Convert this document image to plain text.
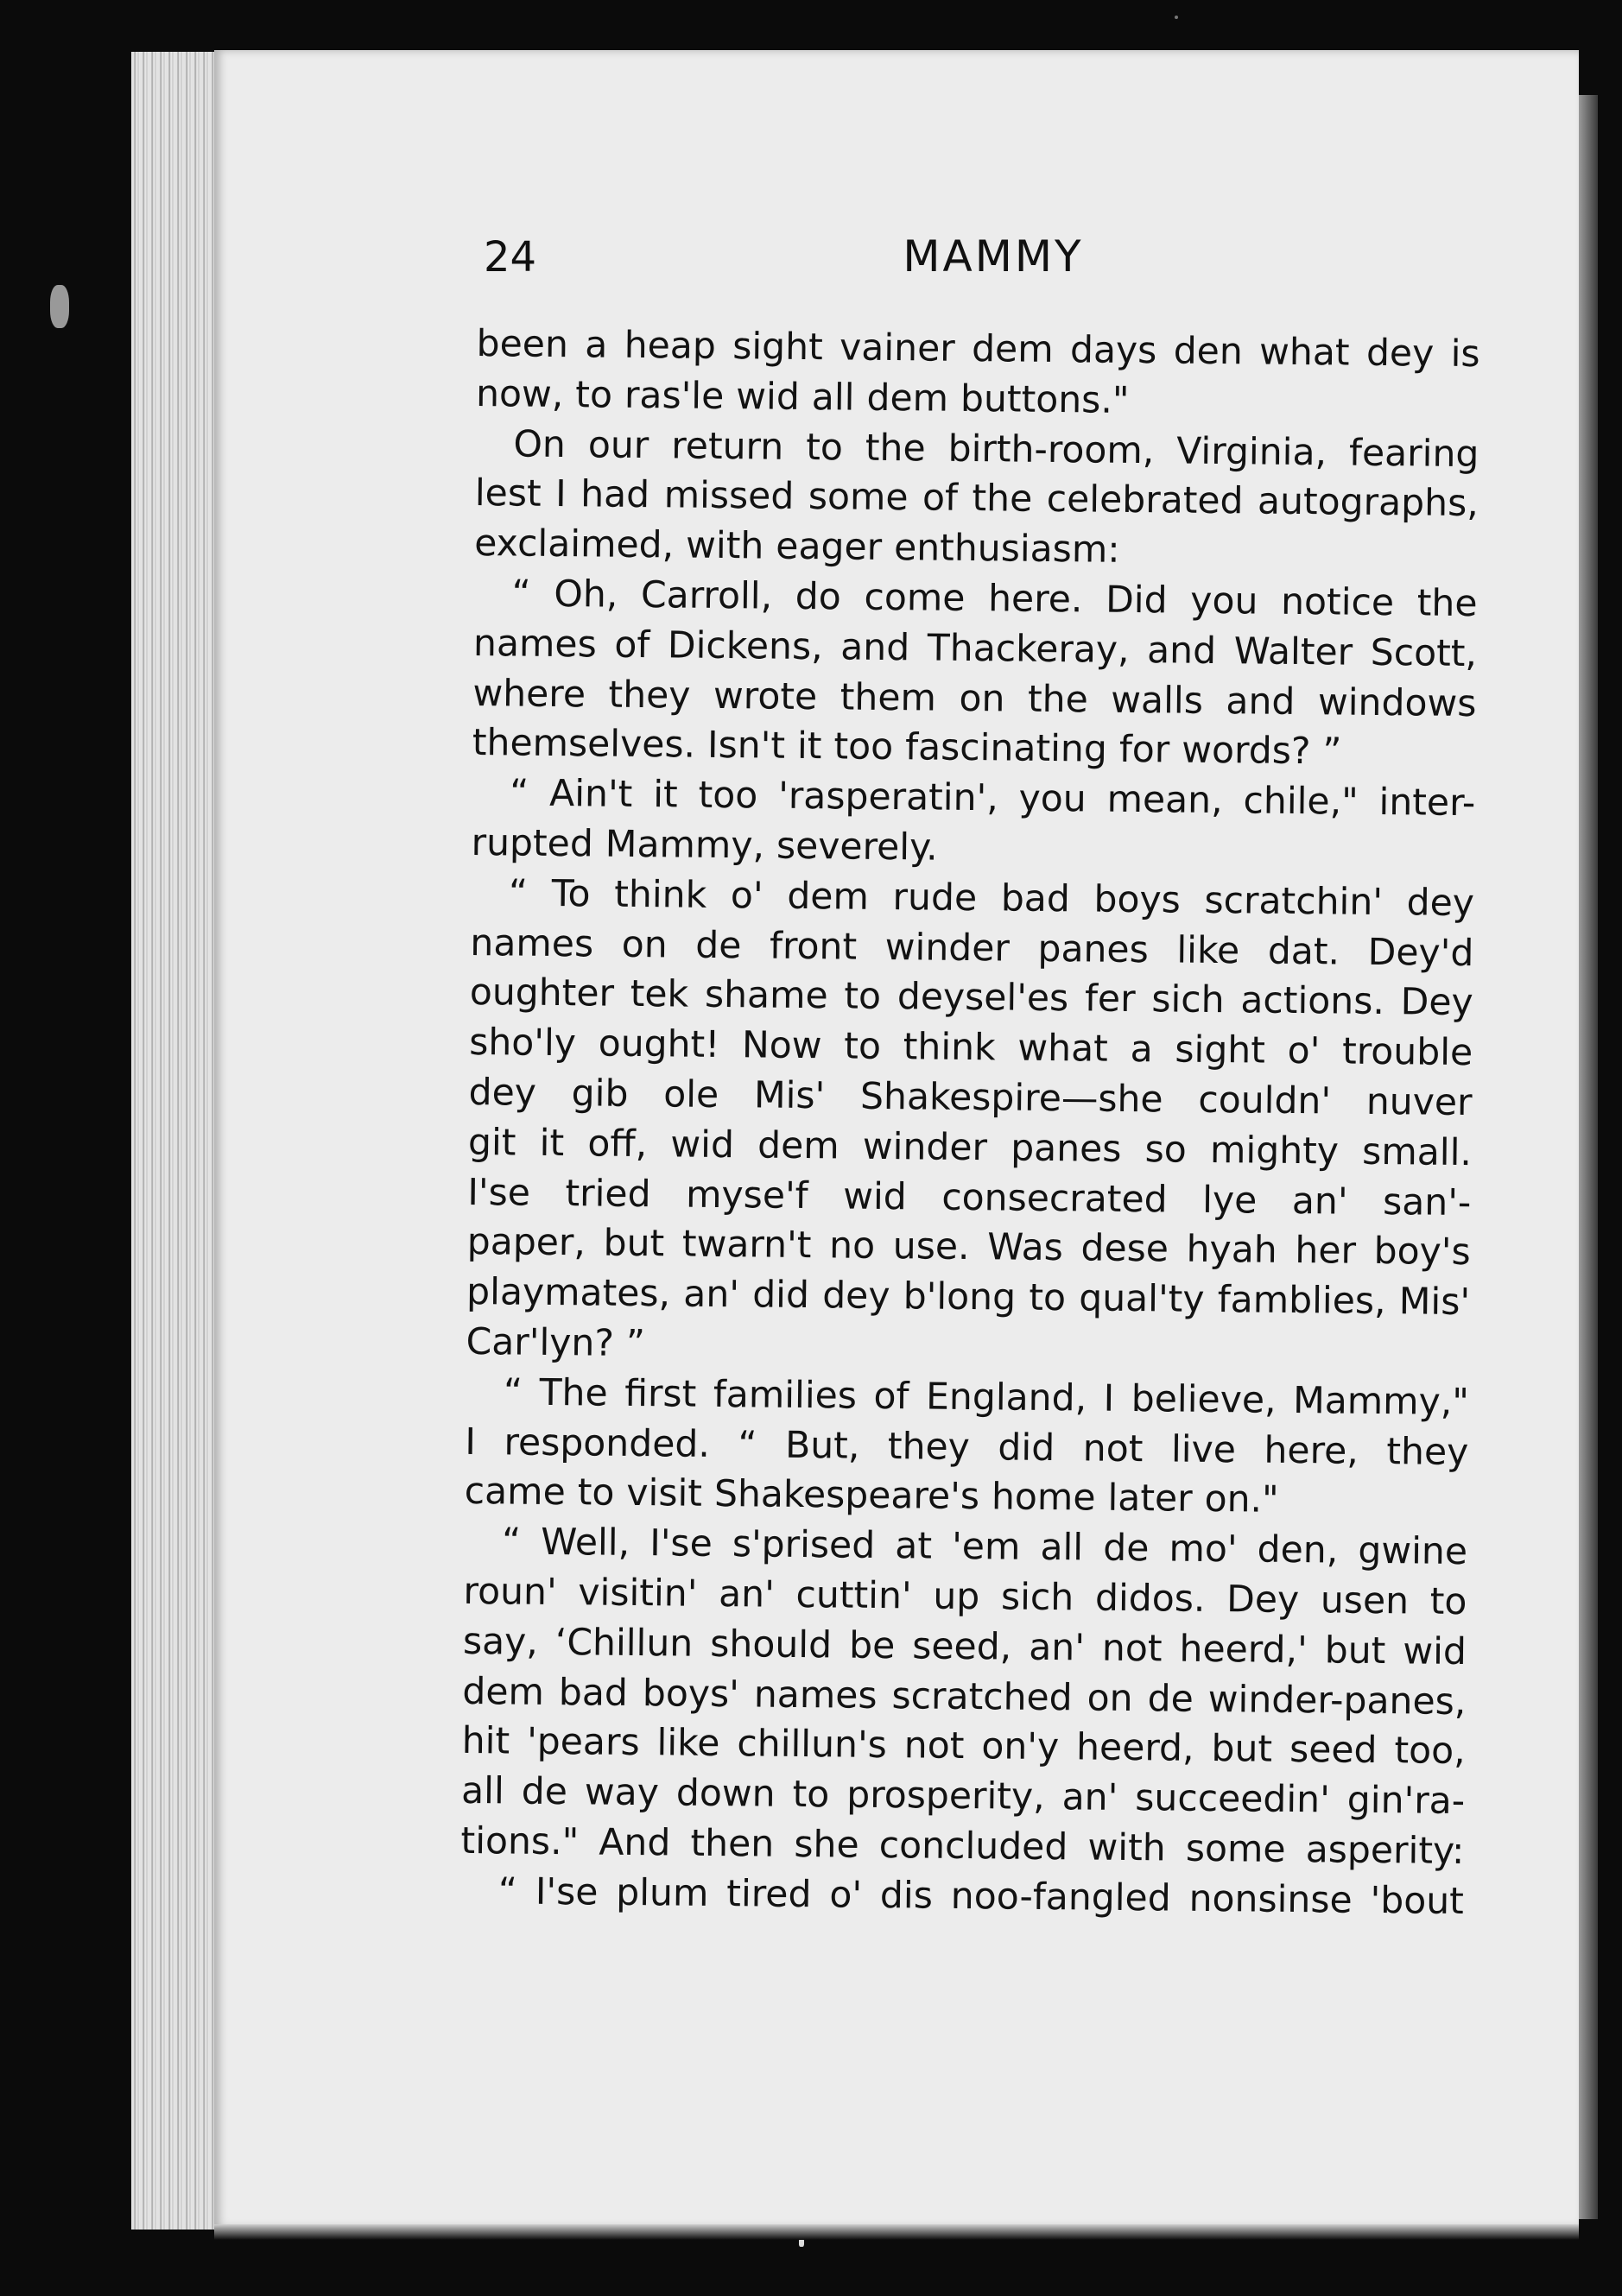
24	MAMMY
been a heap sight vainer dem days den what dey is
now, to ras'le wid all dem buttons."
On our return to the birth-room, Virginia, fearing
lest I had missed some of the celebrated autographs,
exclaimed, with eager enthusiasm:
“ Oh, Carroll, do come here. Did you notice the
names of Dickens, and Thackeray, and Walter Scott,
where they wrote them on the walls and windows
themselves. Isn't it too fascinating for words? ”
“ Ain't it too 'rasperatin', you mean, chile," inter-
rupted Mammy, severely.
“ To think o' dem rude bad boys scratchin' dey
names on de front winder panes like dat. Dey'd
oughter tek shame to deysel'es fer sich actions. Dey
sho'ly ought! Now to think what a sight o' trouble
dey gib ole Mis' Shakespire—she couldn' nuver
git it off, wid dem winder panes so mighty small.
I'se tried myse'f wid consecrated lye an' san'-
paper, but twarn't no use. Was dese hyah her boy's
playmates, an' did dey b'long to qual'ty famblies, Mis'
Car'lyn? ”
“ The first families of England, I believe, Mammy,"
I responded. “ But, they did not live here, they
came to visit Shakespeare's home later on."
“ Well, I'se s'prised at 'em all de mo' den, gwine
roun' visitin' an' cuttin' up sich didos. Dey usen to
say, ‘Chillun should be seed, an' not heerd,' but wid
dem bad boys' names scratched on de winder-panes,
hit 'pears like chillun's not on'y heerd, but seed too,
all de way down to prosperity, an' succeedin' gin'ra-
tions." And then she concluded with some asperity:
“ I'se plum tired o' dis noo-fangled nonsinse 'bout
